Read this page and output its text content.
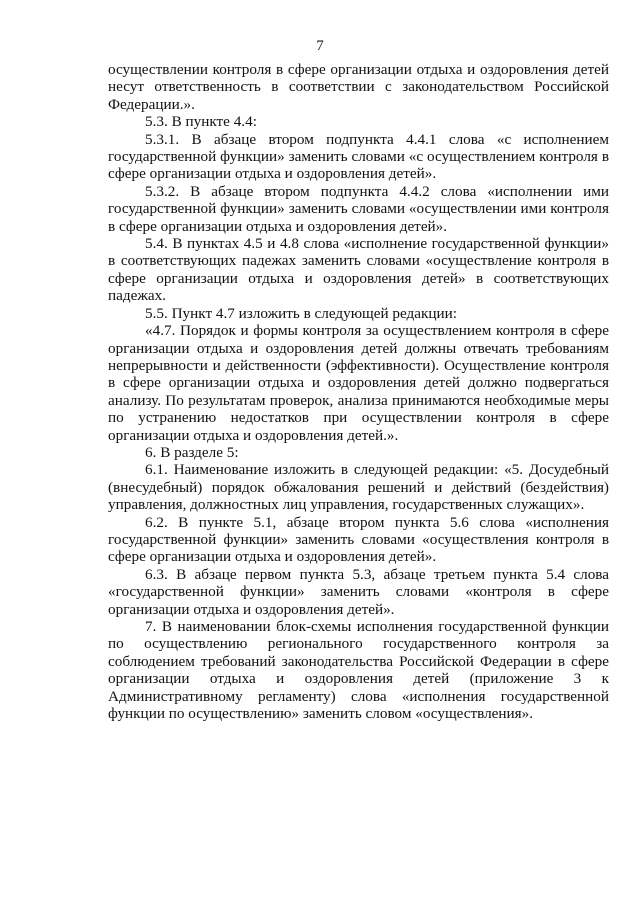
7

осуществлении контроля в сфере организации отдыха и оздоровления детей несут ответственность в соответствии с законодательством Российской Федерации.».

5.3. В пункте 4.4:

5.3.1. В абзаце втором подпункта 4.4.1 слова «с исполнением государственной функции» заменить словами «с осуществлением контроля в сфере организации отдыха и оздоровления детей».

5.3.2. В абзаце втором подпункта 4.4.2 слова «исполнении ими государственной функции» заменить словами «осуществлении ими контроля в сфере организации отдыха и оздоровления детей».

5.4. В пунктах 4.5 и 4.8 слова «исполнение государственной функции» в соответствующих падежах заменить словами «осуществление контроля в сфере организации отдыха и оздоровления детей» в соответствующих падежах.

5.5. Пункт 4.7 изложить в следующей редакции:

«4.7. Порядок и формы контроля за осуществлением контроля в сфере организации отдыха и оздоровления детей должны отвечать требованиям непрерывности и действенности (эффективности). Осуществление контроля в сфере организации отдыха и оздоровления детей должно подвергаться анализу. По результатам проверок, анализа принимаются необходимые меры по устранению недостатков при осуществлении контроля в сфере организации отдыха и оздоровления детей.».

6. В разделе 5:

6.1. Наименование изложить в следующей редакции: «5. Досудебный (внесудебный) порядок обжалования решений и действий (бездействия) управления, должностных лиц управления, государственных служащих».

6.2. В пункте 5.1, абзаце втором пункта 5.6 слова «исполнения государственной функции» заменить словами «осуществления контроля в сфере организации отдыха и оздоровления детей».

6.3. В абзаце первом пункта 5.3, абзаце третьем пункта 5.4 слова «государственной функции» заменить словами «контроля в сфере организации отдыха и оздоровления детей».

7. В наименовании блок-схемы исполнения государственной функции по осуществлению регионального государственного контроля за соблюдением требований законодательства Российской Федерации в сфере организации отдыха и оздоровления детей (приложение 3 к Административному регламенту) слова «исполнения государственной функции по осуществлению» заменить словом «осуществления».
